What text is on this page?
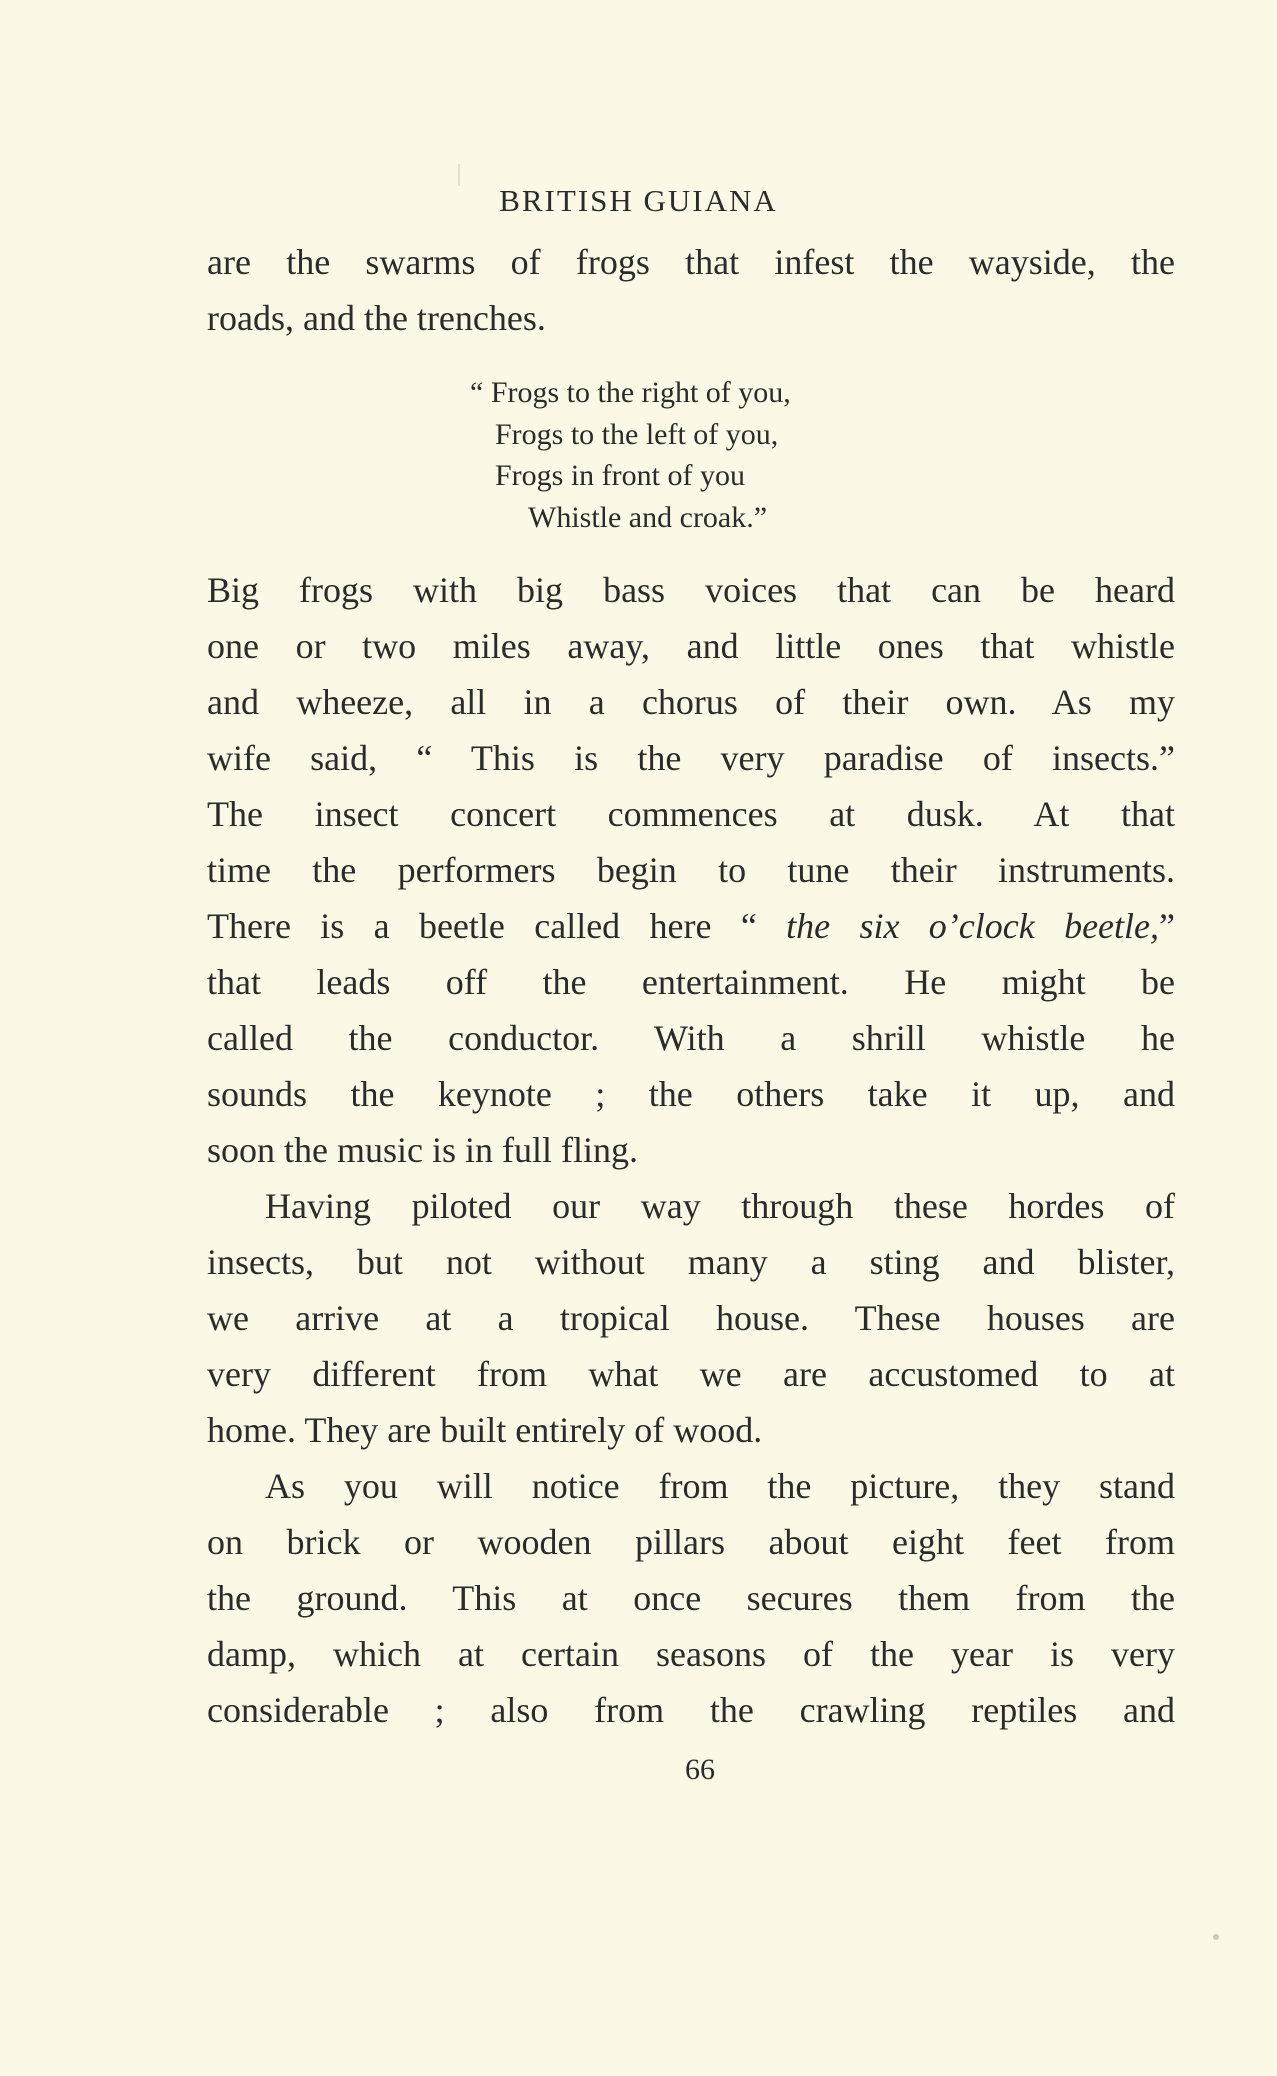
BRITISH GUIANA
are the swarms of frogs that infest the wayside, the
roads, and the trenches.
“ Frogs to the right of you,
Frogs to the left of you,
Frogs in front of you
Whistle and croak.”
Big frogs with big bass voices that can be heard
one or two miles away, and little ones that whistle
and wheeze, all in a chorus of their own. As my
wife said, “ This is the very paradise of insects.”
The insect concert commences at dusk. At that
time the performers begin to tune their instruments.
There is a beetle called here “ the six o’clock beetle,”
that leads off the entertainment. He might be
called the conductor. With a shrill whistle he
sounds the keynote ; the others take it up, and
soon the music is in full fling.
Having piloted our way through these hordes of
insects, but not without many a sting and blister,
we arrive at a tropical house. These houses are
very different from what we are accustomed to at
home. They are built entirely of wood.
As you will notice from the picture, they stand
on brick or wooden pillars about eight feet from
the ground. This at once secures them from the
damp, which at certain seasons of the year is very
considerable ; also from the crawling reptiles and
66
